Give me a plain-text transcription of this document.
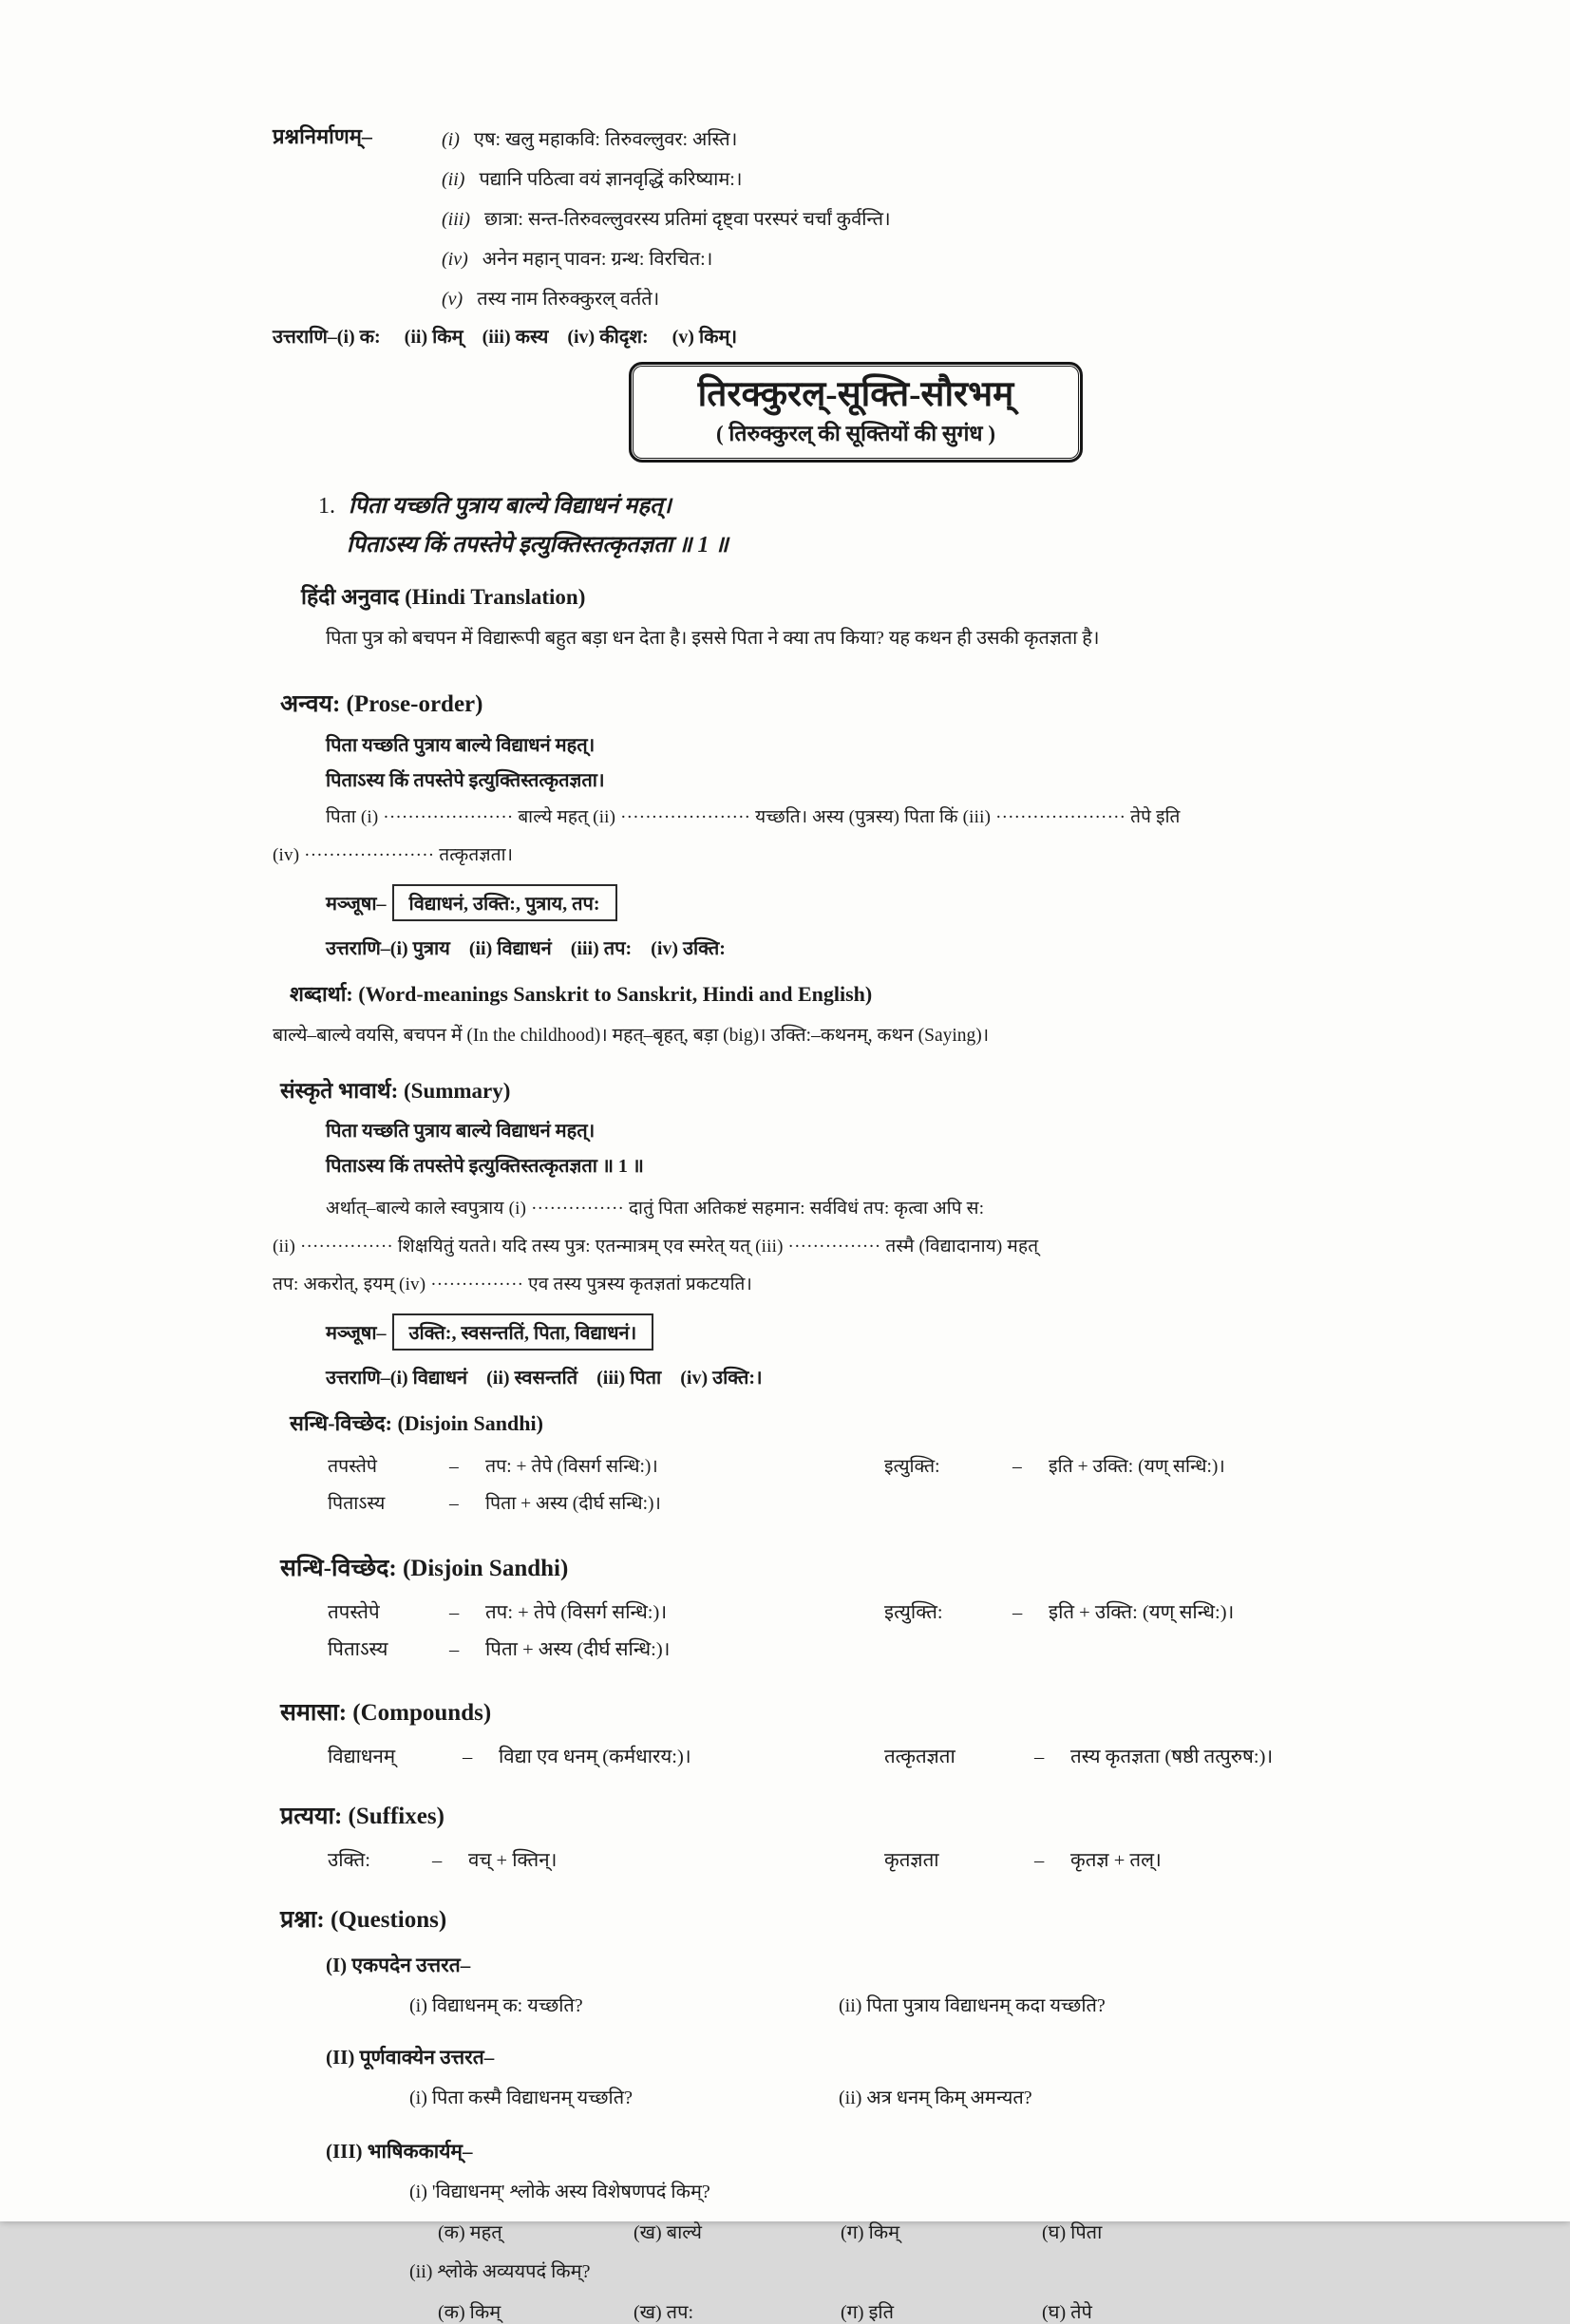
प्रश्ननिर्माणम्–	(i) एष: खलु महाकवि: तिरुवल्लुवर: अस्ति।
(ii) पद्यानि पठित्वा वयं ज्ञानवृद्धिं करिष्याम:।
(iii) छात्रा: सन्त-तिरुवल्लुवरस्य प्रतिमां दृष्ट्वा परस्परं चर्चां कुर्वन्ति।
(iv) अनेन महान् पावन: ग्रन्थ: विरचित:।
(v) तस्य नाम तिरुक्कुरल् वर्तते।
उत्तराणि–(i) क:     (ii) किम्    (iii) कस्य    (iv) कीदृश:     (v) किम्।
तिरक्कुरल्-सूक्ति-सौरभम्
( तिरुक्कुरल् की सूक्तियों की सुगंध )
1. पिता यच्छति पुत्राय बाल्ये विद्याधनं महत्।
पिताऽस्य किं तपस्तेपे इत्युक्तिस्तत्कृतज्ञता ॥ 1 ॥
हिंदी अनुवाद (Hindi Translation)
पिता पुत्र को बचपन में विद्यारूपी बहुत बड़ा धन देता है। इससे पिता ने क्या तप किया? यह कथन ही उसकी कृतज्ञता है।
अन्वय: (Prose-order)
पिता यच्छति पुत्राय बाल्ये विद्याधनं महत्।
पिताऽस्य किं तपस्तेपे इत्युक्तिस्तत्कृतज्ञता।
पिता (i) ····················· बाल्ये महत् (ii) ····················· यच्छति। अस्य (पुत्रस्य) पिता किं (iii) ····················· तेपे इति
(iv) ····················· तत्कृतज्ञता।
मञ्जूषा–	विद्याधनं, उक्ति:, पुत्राय, तप:
उत्तराणि–(i) पुत्राय    (ii) विद्याधनं    (iii) तप:    (iv) उक्ति:
शब्दार्था: (Word-meanings Sanskrit to Sanskrit, Hindi and English)
बाल्ये–बाल्ये वयसि, बचपन में (In the childhood)। महत्–बृहत्, बड़ा (big)। उक्ति:–कथनम्, कथन (Saying)।
संस्कृते भावार्थ: (Summary)
पिता यच्छति पुत्राय बाल्ये विद्याधनं महत्।
पिताऽस्य किं तपस्तेपे इत्युक्तिस्तत्कृतज्ञता ॥ 1 ॥
अर्थात्–बाल्ये काले स्वपुत्राय (i) ··············· दातुं पिता अतिकष्टं सहमान: सर्वविधं तप: कृत्वा अपि स:
(ii) ··············· शिक्षयितुं यतते। यदि तस्य पुत्र: एतन्मात्रम् एव स्मरेत् यत् (iii) ··············· तस्मै (विद्यादानाय) महत्
तप: अकरोत्, इयम् (iv) ··············· एव तस्य पुत्रस्य कृतज्ञतां प्रकटयति।
मञ्जूषा–	उक्ति:, स्वसन्ततिं, पिता, विद्याधनं।
उत्तराणि–(i) विद्याधनं    (ii) स्वसन्ततिं    (iii) पिता    (iv) उक्ति:।
सन्धि-विच्छेद: (Disjoin Sandhi)
तपस्तेपे	–	तप: + तेपे (विसर्ग सन्धि:)।	इत्युक्ति:	–	इति + उक्ति: (यण् सन्धि:)।
पिताऽस्य	–	पिता + अस्य (दीर्घ सन्धि:)।
सन्धि-विच्छेद: (Disjoin Sandhi)
तपस्तेपे	–	तप: + तेपे (विसर्ग सन्धि:)।	इत्युक्ति:	–	इति + उक्ति: (यण् सन्धि:)।
पिताऽस्य	–	पिता + अस्य (दीर्घ सन्धि:)।
समासा: (Compounds)
विद्याधनम्	–	विद्या एव धनम् (कर्मधारय:)।	तत्कृतज्ञता	–	तस्य कृतज्ञता (षष्ठी तत्पुरुष:)।
प्रत्यया: (Suffixes)
उक्ति:	–	वच् + क्तिन्।	कृतज्ञता	–	कृतज्ञ + तल्।
प्रश्ना: (Questions)
(I) एकपदेन उत्तरत–
(i) विद्याधनम् क: यच्छति?	(ii) पिता पुत्राय विद्याधनम् कदा यच्छति?
(II) पूर्णवाक्येन उत्तरत–
(i) पिता कस्मै विद्याधनम् यच्छति?	(ii) अत्र धनम् किम् अमन्यत?
(III) भाषिककार्यम्–
(i) 'विद्याधनम्' श्लोके अस्य विशेषणपदं किम्?
(क) महत्	(ख) बाल्ये	(ग) किम्	(घ) पिता
(ii) श्लोके अव्ययपदं किम्?
(क) किम्	(ख) तप:	(ग) इति	(घ) तेपे
